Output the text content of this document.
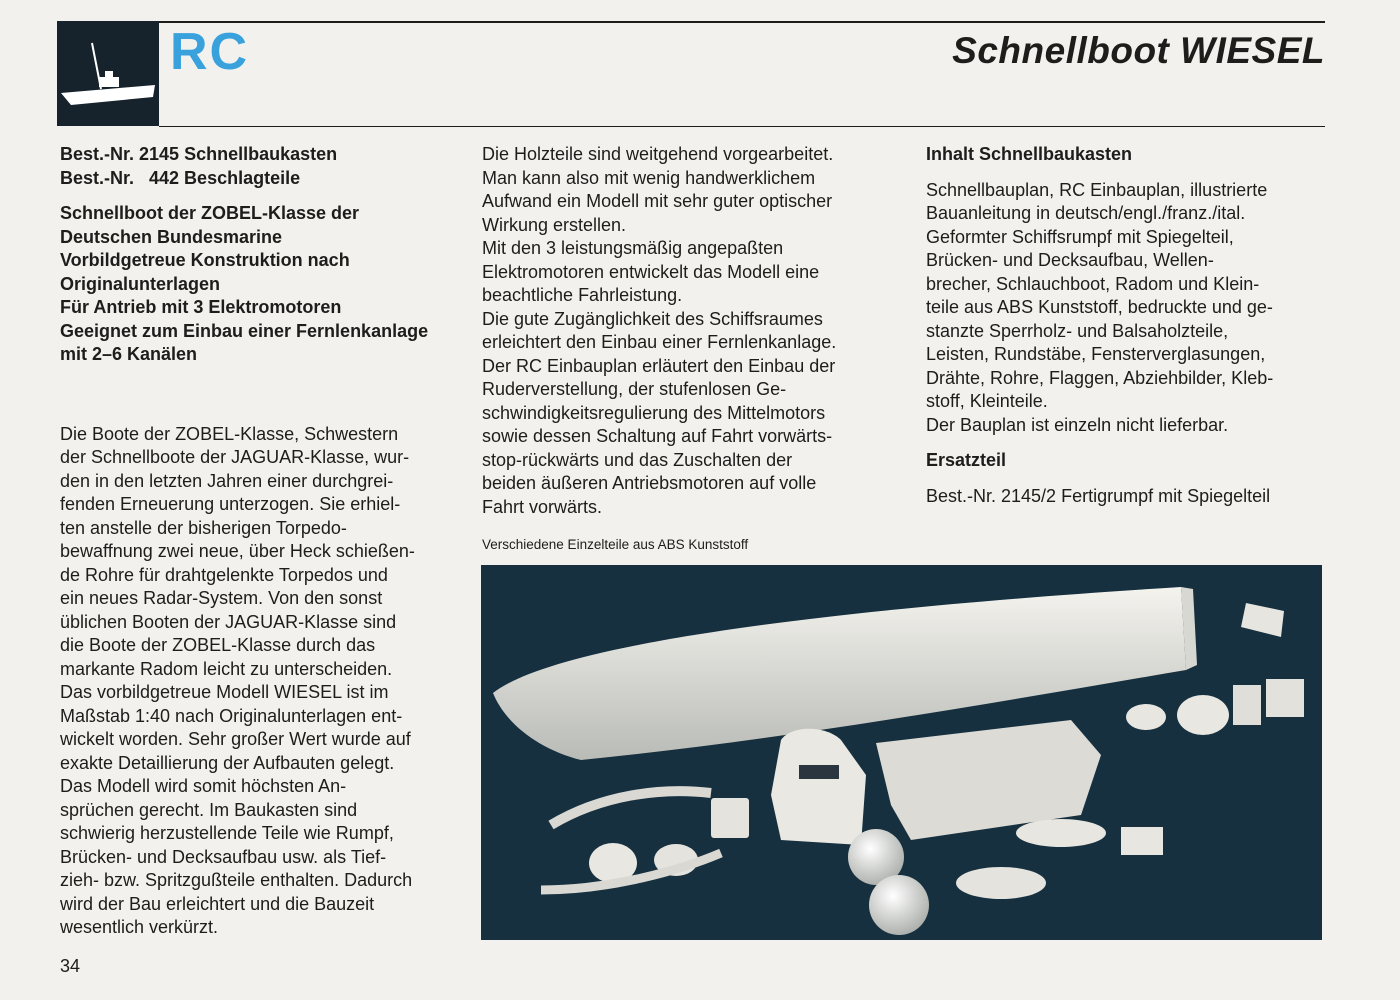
RC	Schnellboot WIESEL
Best.-Nr. 2145 Schnellbaukasten
Best.-Nr.   442 Beschlagteile
Schnellboot der ZOBEL-Klasse der
Deutschen Bundesmarine
Vorbildgetreue Konstruktion nach
Originalunterlagen
Für Antrieb mit 3 Elektromotoren
Geeignet zum Einbau einer Fernlenkanlage
mit 2–6 Kanälen
Die Boote der ZOBEL-Klasse, Schwestern
der Schnellboote der JAGUAR-Klasse, wur-
den in den letzten Jahren einer durchgrei-
fenden Erneuerung unterzogen. Sie erhiel-
ten anstelle der bisherigen Torpedo-
bewaffnung zwei neue, über Heck schießen-
de Rohre für drahtgelenkte Torpedos und
ein neues Radar-System. Von den sonst
üblichen Booten der JAGUAR-Klasse sind
die Boote der ZOBEL-Klasse durch das
markante Radom leicht zu unterscheiden.
Das vorbildgetreue Modell WIESEL ist im
Maßstab 1:40 nach Originalunterlagen ent-
wickelt worden. Sehr großer Wert wurde auf
exakte Detaillierung der Aufbauten gelegt.
Das Modell wird somit höchsten An-
sprüchen gerecht. Im Baukasten sind
schwierig herzustellende Teile wie Rumpf,
Brücken- und Decksaufbau usw. als Tief-
zieh- bzw. Spritzgußteile enthalten. Dadurch
wird der Bau erleichtert und die Bauzeit
wesentlich verkürzt.
Die Holzteile sind weitgehend vorgearbeitet.
Man kann also mit wenig handwerklichem
Aufwand ein Modell mit sehr guter optischer
Wirkung erstellen.
Mit den 3 leistungsmäßig angepaßten
Elektromotoren entwickelt das Modell eine
beachtliche Fahrleistung.
Die gute Zugänglichkeit des Schiffsraumes
erleichtert den Einbau einer Fernlenkanlage.
Der RC Einbauplan erläutert den Einbau der
Ruderverstellung, der stufenlosen Ge-
schwindigkeitsregulierung des Mittelmotors
sowie dessen Schaltung auf Fahrt vorwärts-
stop-rückwärts und das Zuschalten der
beiden äußeren Antriebsmotoren auf volle
Fahrt vorwärts.
Inhalt Schnellbaukasten
Schnellbauplan, RC Einbauplan, illustrierte
Bauanleitung in deutsch/engl./franz./ital.
Geformter Schiffsrumpf mit Spiegelteil,
Brücken- und Decksaufbau, Wellen-
brecher, Schlauchboot, Radom und Klein-
teile aus ABS Kunststoff, bedruckte und ge-
stanzte Sperrholz- und Balsaholzteile,
Leisten, Rundstäbe, Fensterverglasungen,
Drähte, Rohre, Flaggen, Abziehbilder, Kleb-
stoff, Kleinteile.
Der Bauplan ist einzeln nicht lieferbar.
Ersatzteil
Best.-Nr. 2145/2 Fertigrumpf mit Spiegelteil
Verschiedene Einzelteile aus ABS Kunststoff
34
